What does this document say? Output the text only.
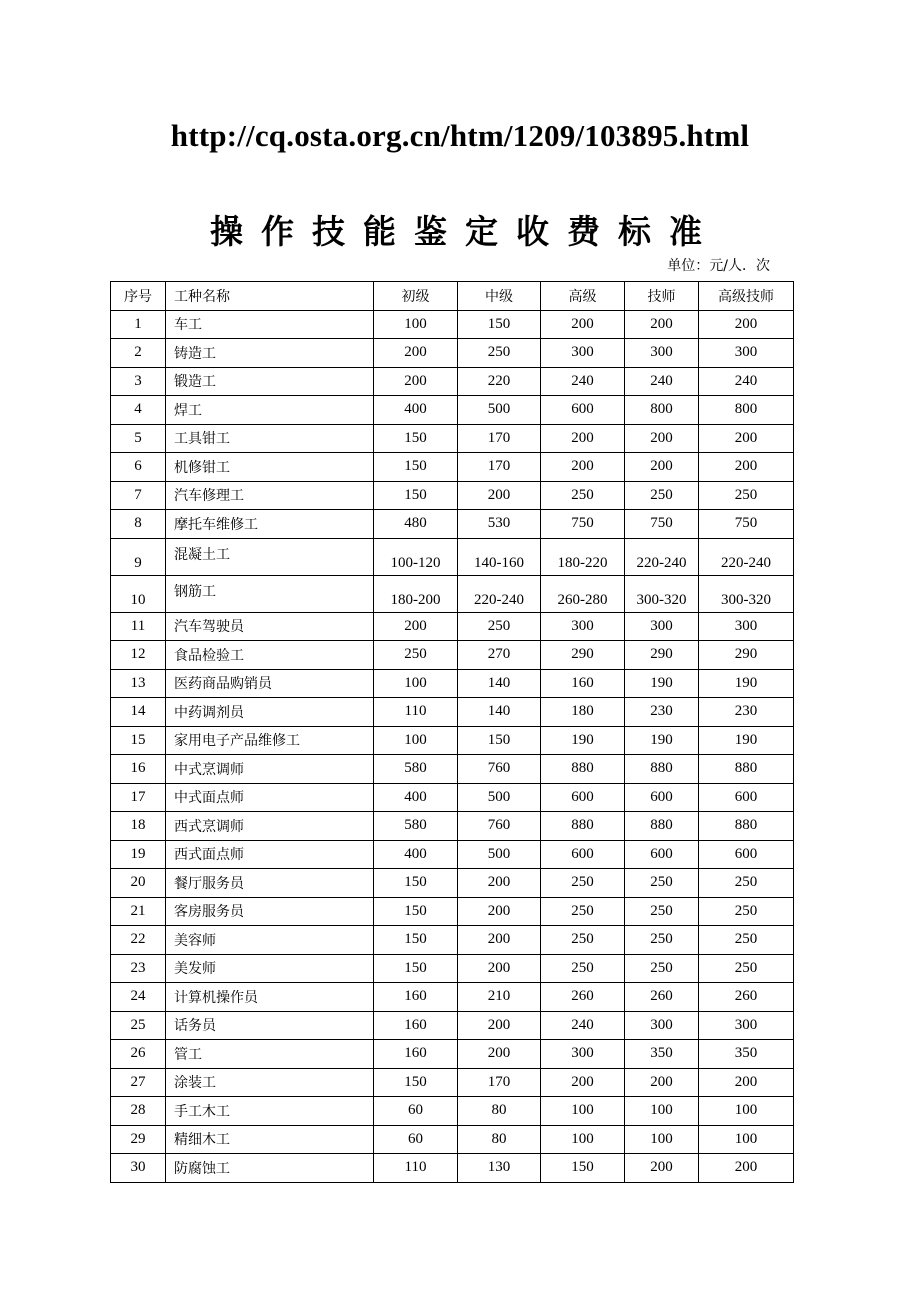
http://cq.osta.org.cn/htm/1209/103895.html
操作技能鉴定收费标准
单位：元/人．次
序号	工种名称	初级	中级	高级	技师	高级技师
1	车工	100	150	200	200	200
2	铸造工	200	250	300	300	300
3	锻造工	200	220	240	240	240
4	焊工	400	500	600	800	800
5	工具钳工	150	170	200	200	200
6	机修钳工	150	170	200	200	200
7	汽车修理工	150	200	250	250	250
8	摩托车维修工	480	530	750	750	750
9	混凝土工	100-120	140-160	180-220	220-240	220-240
10	钢筋工	180-200	220-240	260-280	300-320	300-320
11	汽车驾驶员	200	250	300	300	300
12	食品检验工	250	270	290	290	290
13	医药商品购销员	100	140	160	190	190
14	中药调剂员	110	140	180	230	230
15	家用电子产品维修工	100	150	190	190	190
16	中式烹调师	580	760	880	880	880
17	中式面点师	400	500	600	600	600
18	西式烹调师	580	760	880	880	880
19	西式面点师	400	500	600	600	600
20	餐厅服务员	150	200	250	250	250
21	客房服务员	150	200	250	250	250
22	美容师	150	200	250	250	250
23	美发师	150	200	250	250	250
24	计算机操作员	160	210	260	260	260
25	话务员	160	200	240	300	300
26	管工	160	200	300	350	350
27	涂装工	150	170	200	200	200
28	手工木工	60	80	100	100	100
29	精细木工	60	80	100	100	100
30	防腐蚀工	110	130	150	200	200
